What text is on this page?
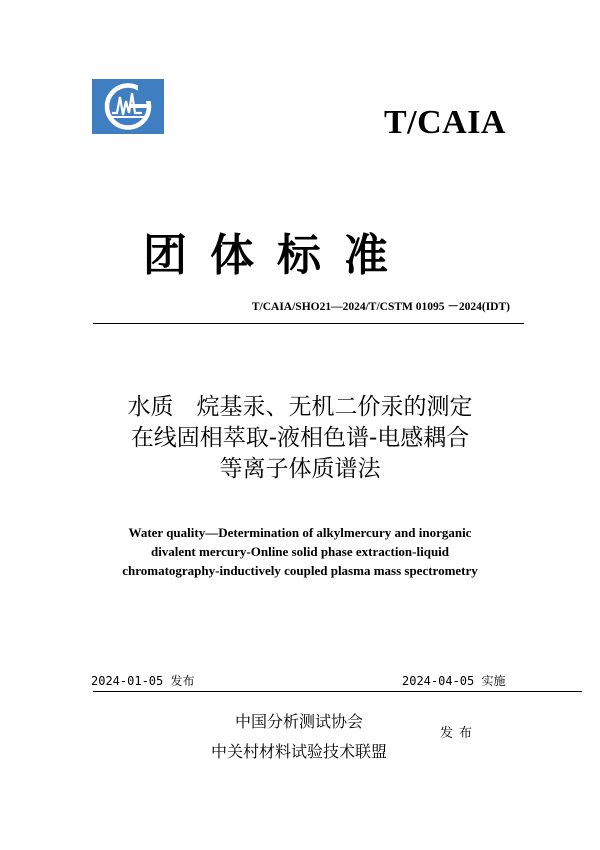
T/CAIA
团体标准
T/CAIA/SHO21—2024/T/CSTM 01095 －2024(IDT)
水质　烷基汞、无机二价汞的测定
在线固相萃取-液相色谱-电感耦合
等离子体质谱法
Water quality—Determination of alkylmercury and inorganic
divalent mercury-Online solid phase extraction-liquid
chromatography-inductively coupled plasma mass spectrometry
2024-01-05 发布	2024-04-05 实施
中国分析测试协会
中关村材料试验技术联盟
发布
